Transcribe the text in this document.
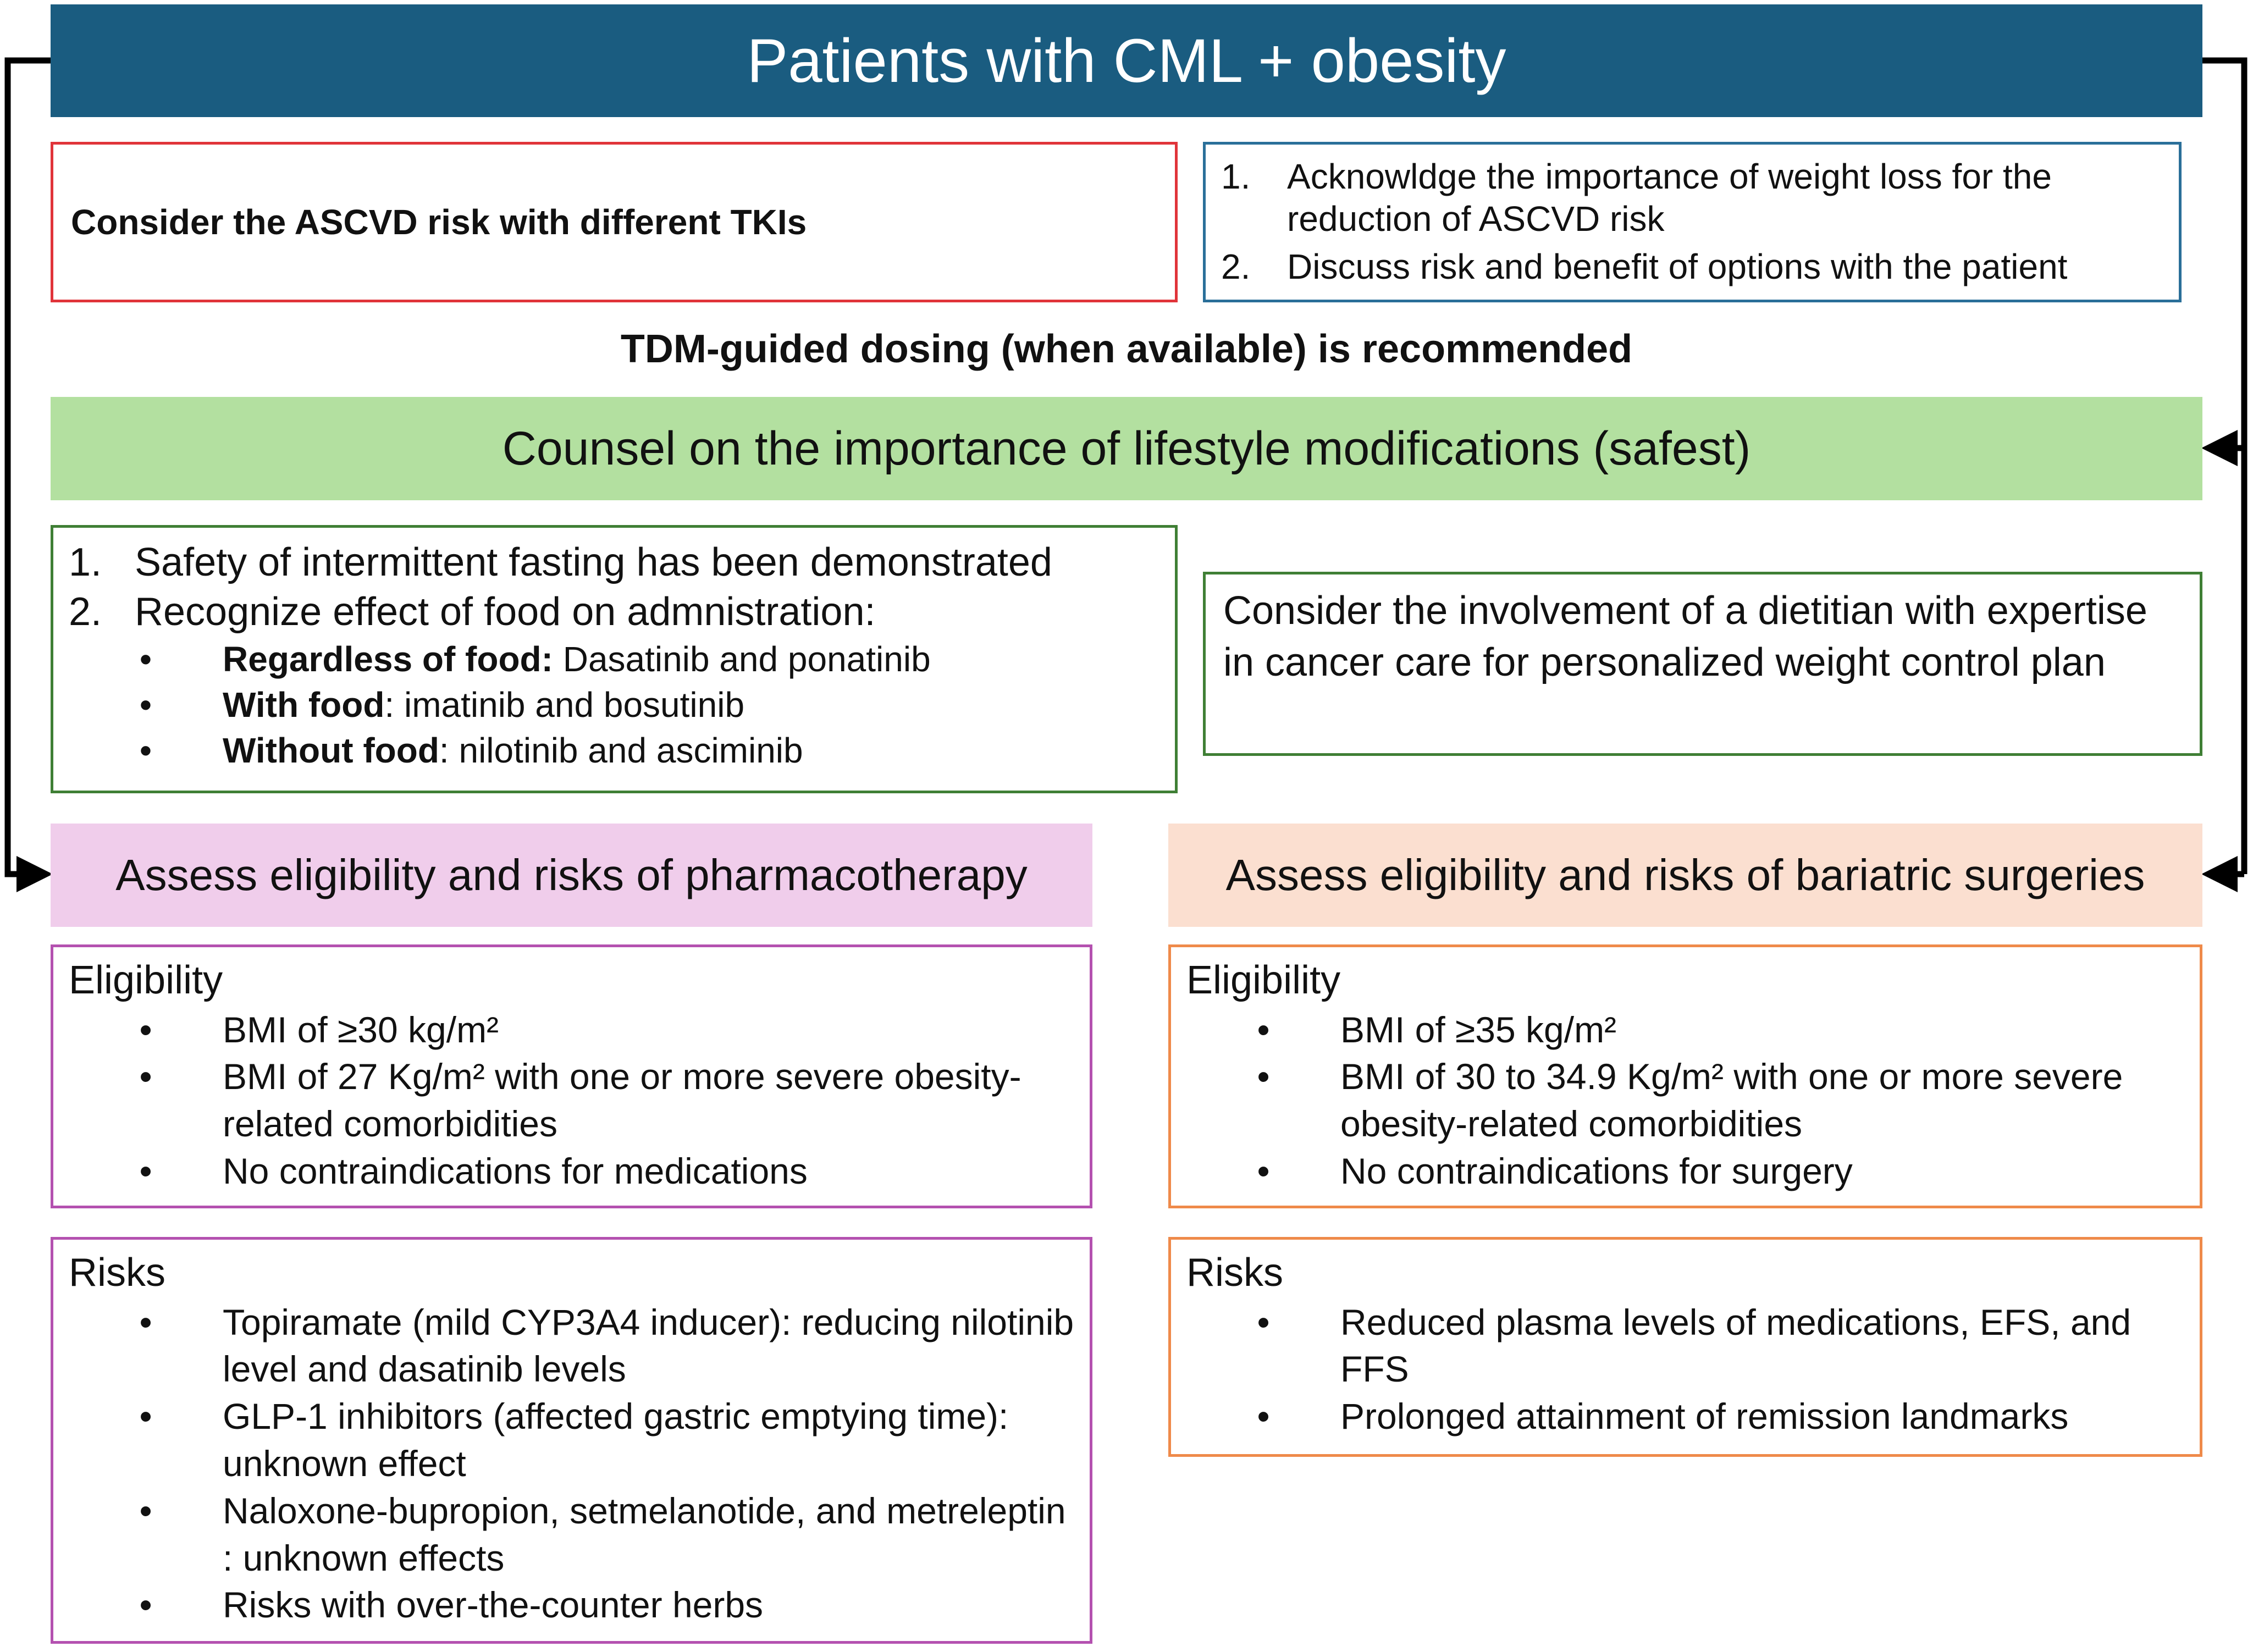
Patients with CML + obesity
Consider the ASCVD risk with different TKIs
1.	Acknowldge the importance of weight loss for the reduction of ASCVD risk
2.	Discuss risk and benefit of options with the patient
TDM-guided dosing (when available) is recommended
Counsel on the importance of lifestyle modifications (safest)
1. Safety of intermittent fasting has been demonstrated
2. Recognize effect of food on admnistration:
•	Regardless of food: Dasatinib and ponatinib
•	With food: imatinib and bosutinib
•	Without food: nilotinib and asciminib
Consider the involvement of a dietitian with expertise in cancer care for personalized weight control plan
Assess eligibility and risks of pharmacotherapy	Assess eligibility and risks of bariatric surgeries
Eligibility
•	BMI of ≥30 kg/m²
•	BMI of 27 Kg/m² with one or more severe obesity-related comorbidities
•	No contraindications for medications
Risks
•	Topiramate (mild CYP3A4 inducer): reducing nilotinib level and dasatinib levels
•	GLP-1 inhibitors (affected gastric emptying time): unknown effect
•	Naloxone-bupropion, setmelanotide, and metreleptin : unknown effects
•	Risks with over-the-counter herbs
Eligibility
•	BMI of ≥35 kg/m²
•	BMI of 30 to 34.9 Kg/m² with one or more severe obesity-related comorbidities
•	No contraindications for surgery
Risks
•	Reduced plasma levels of medications, EFS, and FFS
•	Prolonged attainment of remission landmarks
